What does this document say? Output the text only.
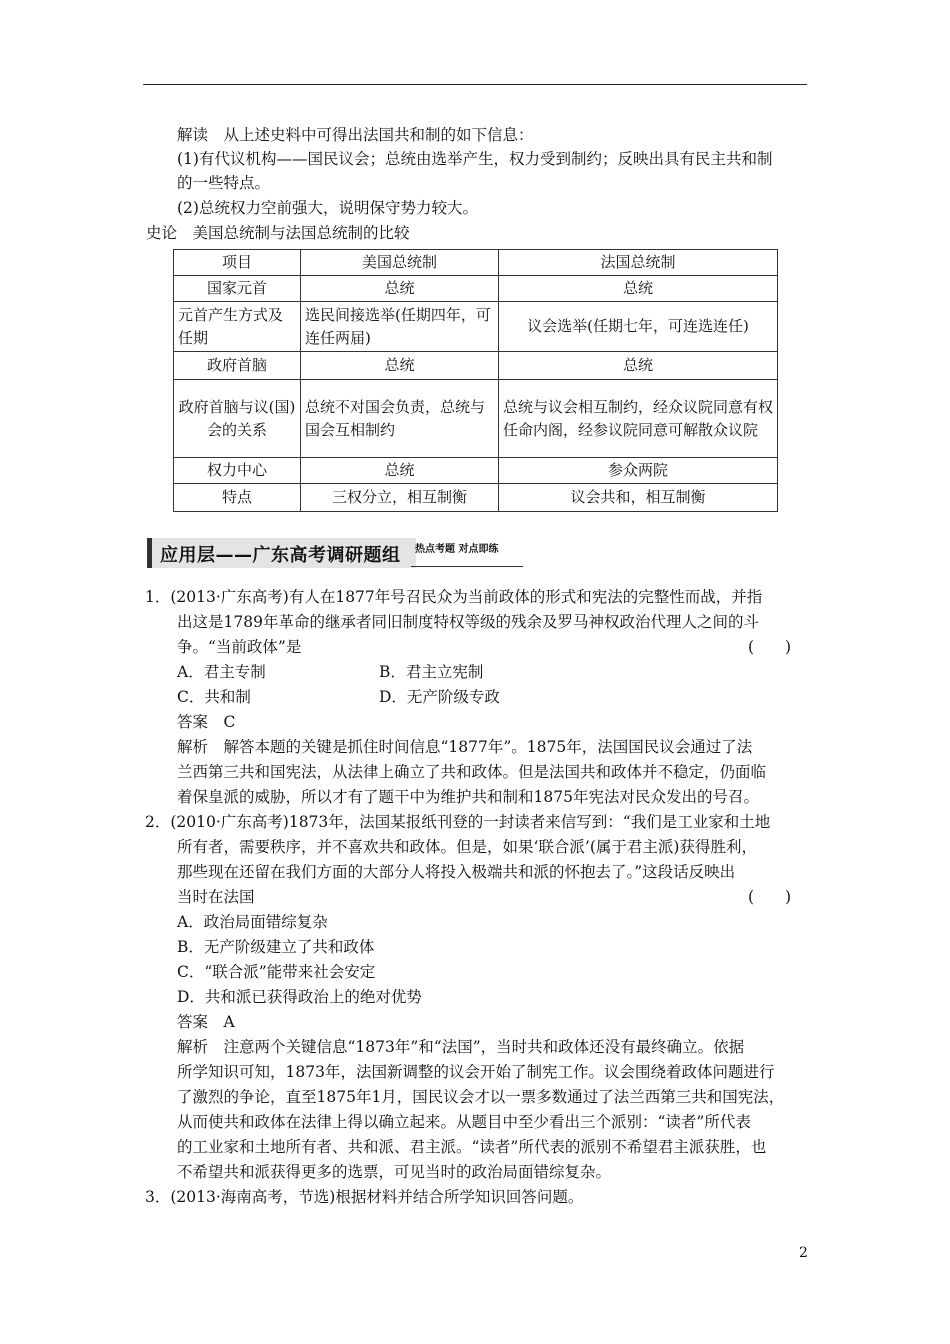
解读　从上述史料中可得出法国共和制的如下信息：
(1)有代议机构——国民议会；总统由选举产生，权力受到制约；反映出具有民主共和制
的一些特点。
(2)总统权力空前强大，说明保守势力较大。
史论　美国总统制与法国总统制的比较
项目	美国总统制	法国总统制
国家元首	总统	总统
元首产生方式及任期	选民间接选举(任期四年，可连任两届)	议会选举(任期七年，可连选连任)
政府首脑	总统	总统
政府首脑与议(国)会的关系	总统不对国会负责，总统与国会互相制约	总统与议会相互制约，经众议院同意有权任命内阁，经参议院同意可解散众议院
权力中心	总统	参众两院
特点	三权分立，相互制衡	议会共和，相互制衡
应用层——广东高考调研题组 热点考题 对点即练
1．(2013·广东高考)有人在1877年号召民众为当前政体的形式和宪法的完整性而战，并指
出这是1789年革命的继承者同旧制度特权等级的残余及罗马神权政治代理人之间的斗
争。“当前政体”是	(　　)
A．君主专制	B．君主立宪制
C．共和制	D．无产阶级专政
答案　C
解析　解答本题的关键是抓住时间信息“1877年”。1875年，法国国民议会通过了法
兰西第三共和国宪法，从法律上确立了共和政体。但是法国共和政体并不稳定，仍面临
着保皇派的威胁，所以才有了题干中为维护共和制和1875年宪法对民众发出的号召。
2．(2010·广东高考)1873年，法国某报纸刊登的一封读者来信写到：“我们是工业家和土地
所有者，需要秩序，并不喜欢共和政体。但是，如果‘联合派’(属于君主派)获得胜利，
那些现在还留在我们方面的大部分人将投入极端共和派的怀抱去了。”这段话反映出
当时在法国	(　　)
A．政治局面错综复杂
B．无产阶级建立了共和政体
C．“联合派”能带来社会安定
D．共和派已获得政治上的绝对优势
答案　A
解析　注意两个关键信息“1873年”和“法国”，当时共和政体还没有最终确立。依据
所学知识可知，1873年，法国新调整的议会开始了制宪工作。议会围绕着政体问题进行
了激烈的争论，直至1875年1月，国民议会才以一票多数通过了法兰西第三共和国宪法，
从而使共和政体在法律上得以确立起来。从题目中至少看出三个派别：“读者”所代表
的工业家和土地所有者、共和派、君主派。“读者”所代表的派别不希望君主派获胜，也
不希望共和派获得更多的选票，可见当时的政治局面错综复杂。
3．(2013·海南高考，节选)根据材料并结合所学知识回答问题。
2
